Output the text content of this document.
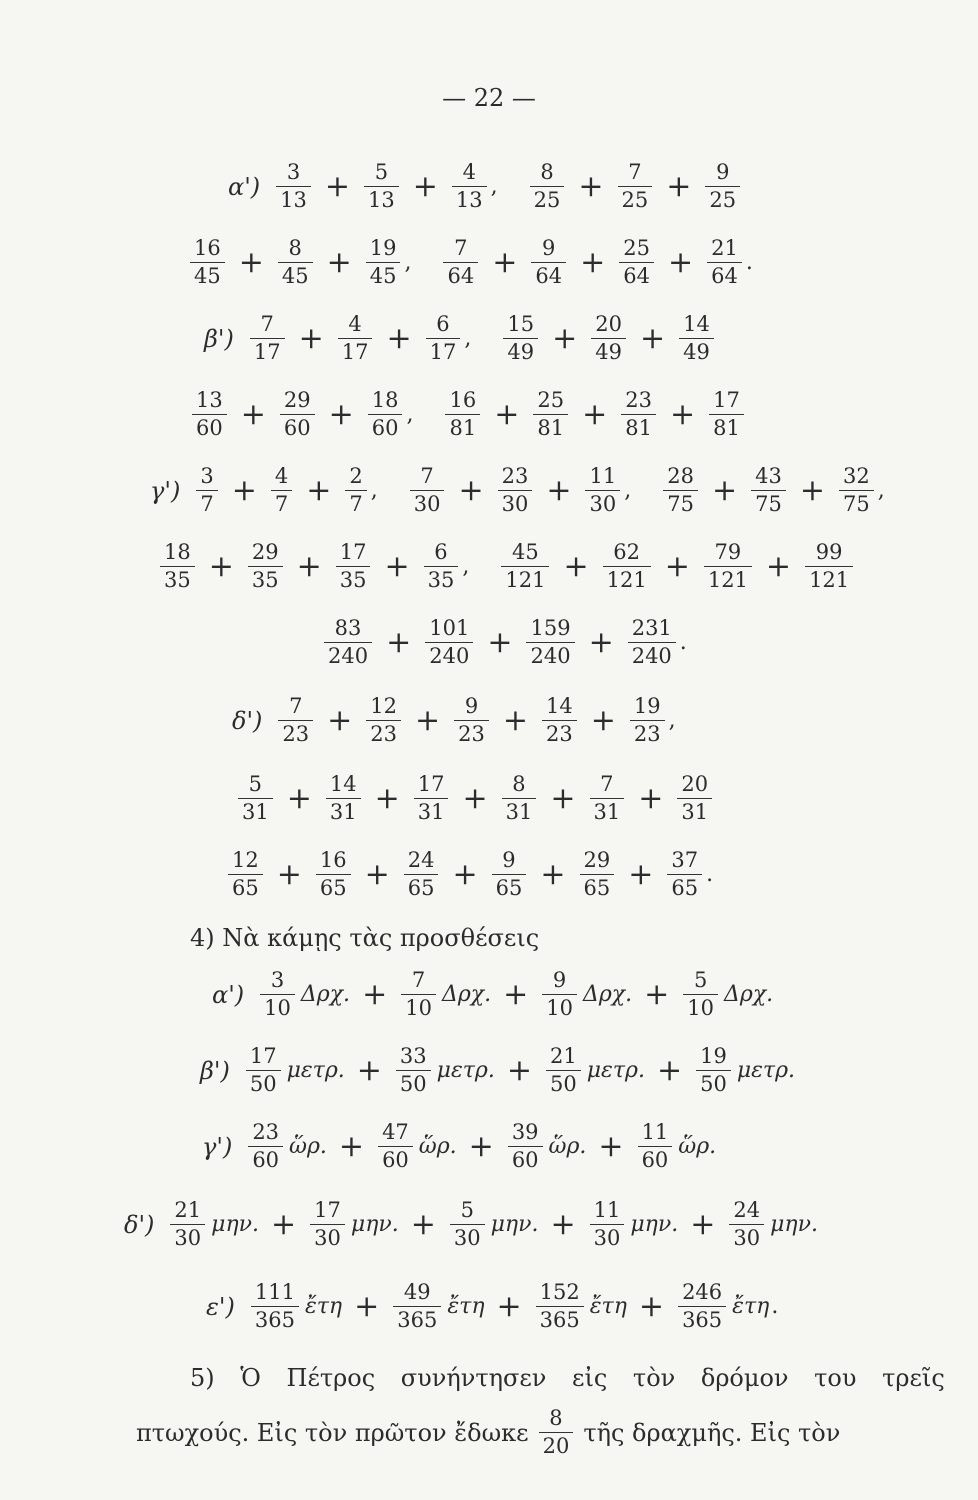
— 22 —
$\alpha') \frac{3}{13} + \frac{5}{13} + \frac{4}{13}$ , $\frac{8}{25} + \frac{7}{25} + \frac{9}{25}$
$\frac{16}{45} + \frac{8}{45} + \frac{19}{45}$ , $\frac{7}{64} + \frac{9}{64} + \frac{25}{64} + \frac{21}{64}$ .
$\beta') \frac{7}{17} + \frac{4}{17} + \frac{6}{17}$ , $\frac{15}{49} + \frac{20}{49} + \frac{14}{49}$
$\frac{13}{60} + \frac{29}{60} + \frac{18}{60}$ , $\frac{16}{81} + \frac{25}{81} + \frac{23}{81} + \frac{17}{81}$
$\gamma') \frac{3}{7} + \frac{4}{7} + \frac{2}{7}$ , $\frac{7}{30} + \frac{23}{30} + \frac{11}{30}$ , $\frac{28}{75} + \frac{43}{75} + \frac{32}{75}$ ,
$\frac{18}{35} + \frac{29}{35} + \frac{17}{35} + \frac{6}{35}$ , $\frac{45}{121} + \frac{62}{121} + \frac{79}{121} + \frac{99}{121}$
$\frac{83}{240} + \frac{101}{240} + \frac{159}{240} + \frac{231}{240}$ .
$\delta') \frac{7}{23} + \frac{12}{23} + \frac{9}{23} + \frac{14}{23} + \frac{19}{23}$ ,
$\frac{5}{31} + \frac{14}{31} + \frac{17}{31} + \frac{8}{31} + \frac{7}{31} + \frac{20}{31}$
$\frac{12}{65} + \frac{16}{65} + \frac{24}{65} + \frac{9}{65} + \frac{29}{65} + \frac{37}{65}$ .
4) Νὰ κάμῃς τὰς προσθέσεις
$\alpha') \frac{3}{10} \Delta\rho\chi$. + $\frac{7}{10} \Delta\rho\chi$. + $\frac{9}{10} \Delta\rho\chi$. + $\frac{5}{10} \Delta\rho\chi$.
$\beta') \frac{17}{50} \mu\varepsilon\tau\rho$. + $\frac{33}{50} \mu\varepsilon\tau\rho$. + $\frac{21}{50} \mu\varepsilon\tau\rho$. + $\frac{19}{50} \mu\varepsilon\tau\rho$.
$\gamma') \frac{23}{60}$ ὥρ. + $\frac{47}{60}$ ὥρ. + $\frac{39}{60}$ ὥρ. + $\frac{11}{60}$ ὥρ.
$\delta') \frac{21}{30} \mu\eta\nu$. + $\frac{17}{30} \mu\eta\nu$. + $\frac{5}{30} \mu\eta\nu$. + $\frac{11}{30} \mu\eta\nu$. + $\frac{24}{30} \mu\eta\nu$.
$\varepsilon') \frac{111}{365}$ ἔτη + $\frac{49}{365}$ ἔτη + $\frac{152}{365}$ ἔτη + $\frac{246}{365}$ ἔτη .
5) Ὁ Πέτρος συνήντησεν εἰς τὸν δρόμον του τρεῖς
πτωχούς. Εἰς τὸν πρῶτον ἔδωκε $\frac{8}{20}$ τῆς δραχμῆς. Εἰς τὸν
